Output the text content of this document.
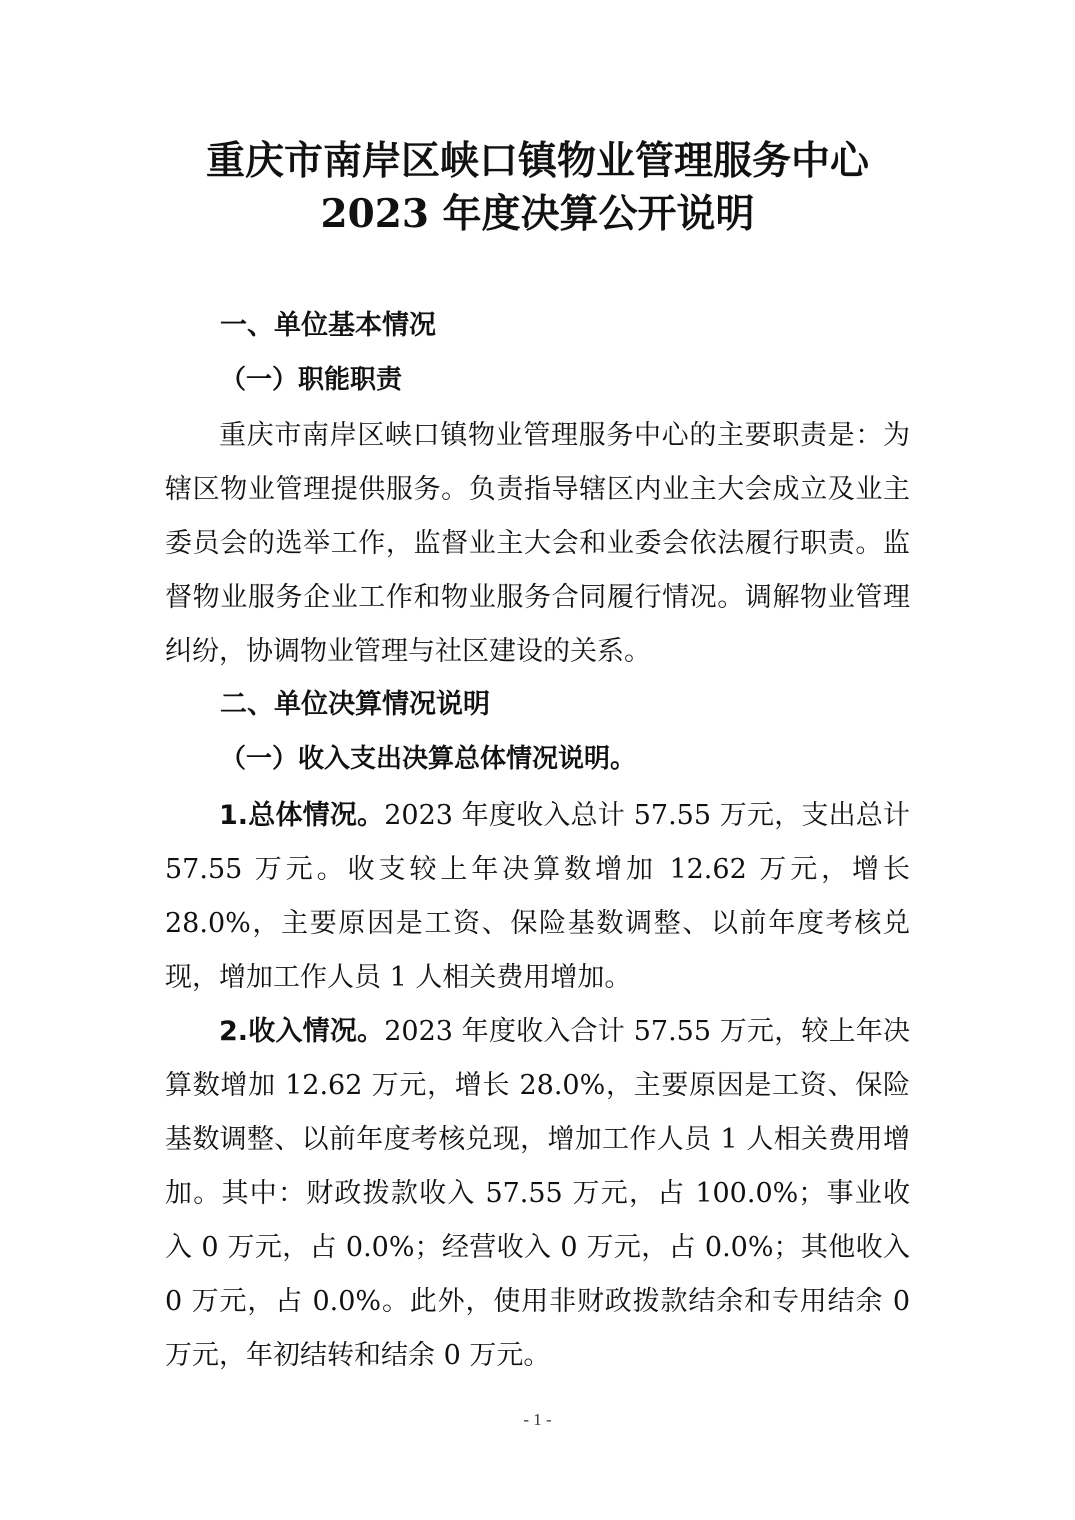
重庆市南岸区峡口镇物业管理服务中心
2023 年度决算公开说明
一、单位基本情况
（一）职能职责

重庆市南岸区峡口镇物业管理服务中心的主要职责是：为辖区物业管理提供服务。负责指导辖区内业主大会成立及业主委员会的选举工作，监督业主大会和业委会依法履行职责。监督物业服务企业工作和物业服务合同履行情况。调解物业管理纠纷，协调物业管理与社区建设的关系。

二、单位决算情况说明
（一）收入支出决算总体情况说明。

1.总体情况。2023 年度收入总计 57.55 万元，支出总计 57.55 万元。收支较上年决算数增加 12.62 万元，增长 28.0%，主要原因是工资、保险基数调整、以前年度考核兑现，增加工作人员 1 人相关费用增加。

2.收入情况。2023 年度收入合计 57.55 万元，较上年决算数增加 12.62 万元，增长 28.0%，主要原因是工资、保险基数调整、以前年度考核兑现，增加工作人员 1 人相关费用增加。其中：财政拨款收入 57.55 万元，占 100.0%；事业收入 0 万元，占 0.0%；经营收入 0 万元，占 0.0%；其他收入 0 万元，占 0.0%。此外，使用非财政拨款结余和专用结余 0 万元，年初结转和结余 0 万元。

- 1 -
